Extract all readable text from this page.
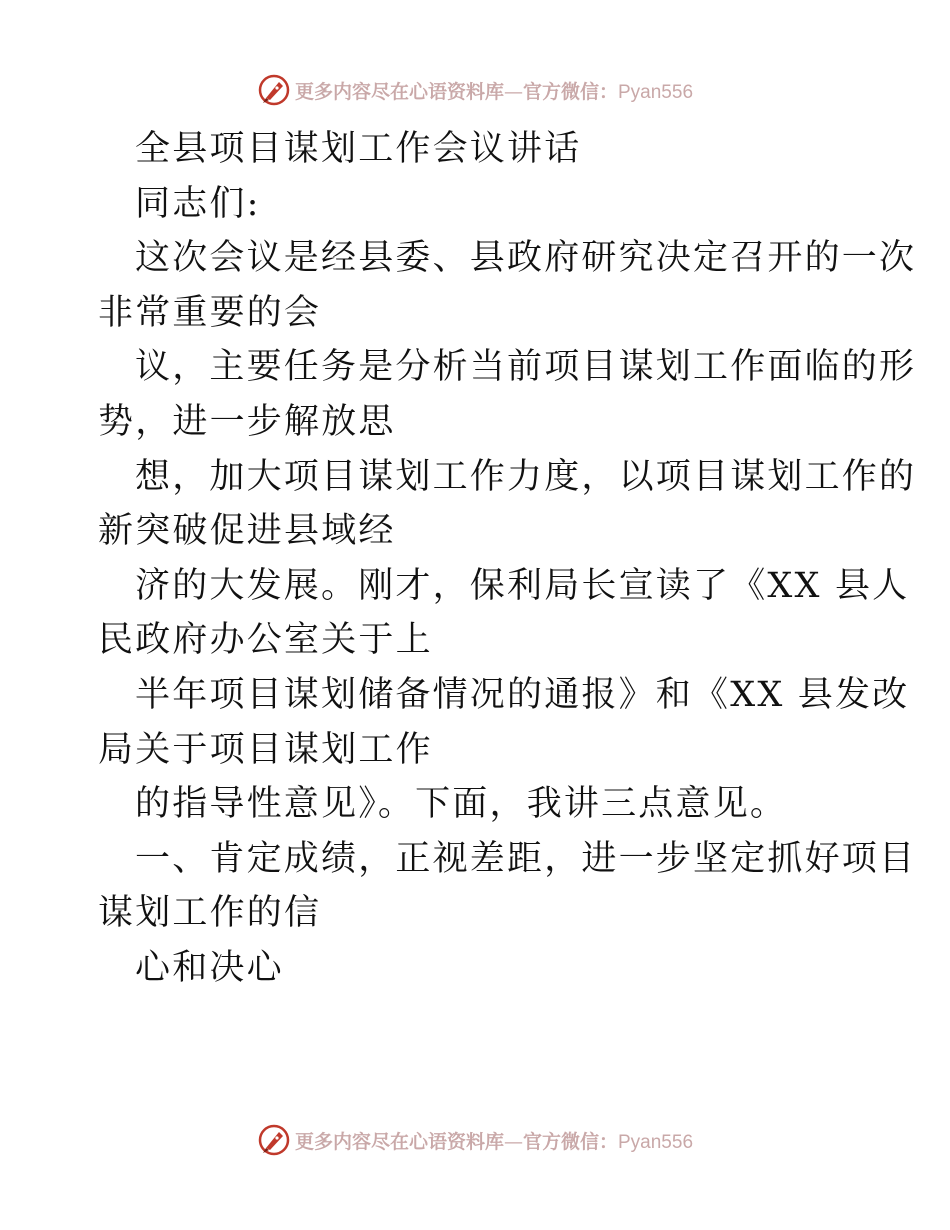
更多内容尽在心语资料库—官方微信：Pyan556

全县项目谋划工作会议讲话

同志们:

这次会议是经县委、县政府研究决定召开的一次

非常重要的会

议，主要任务是分析当前项目谋划工作面临的形

势，进一步解放思

想，加大项目谋划工作力度，以项目谋划工作的

新突破促进县域经

济的大发展。刚才，保利局长宣读了《XX 县人

民政府办公室关于上

半年项目谋划储备情况的通报》和《XX 县发改

局关于项目谋划工作

的指导性意见》。下面，我讲三点意见。

一、肯定成绩，正视差距，进一步坚定抓好项目

谋划工作的信

心和决心

更多内容尽在心语资料库—官方微信：Pyan556
